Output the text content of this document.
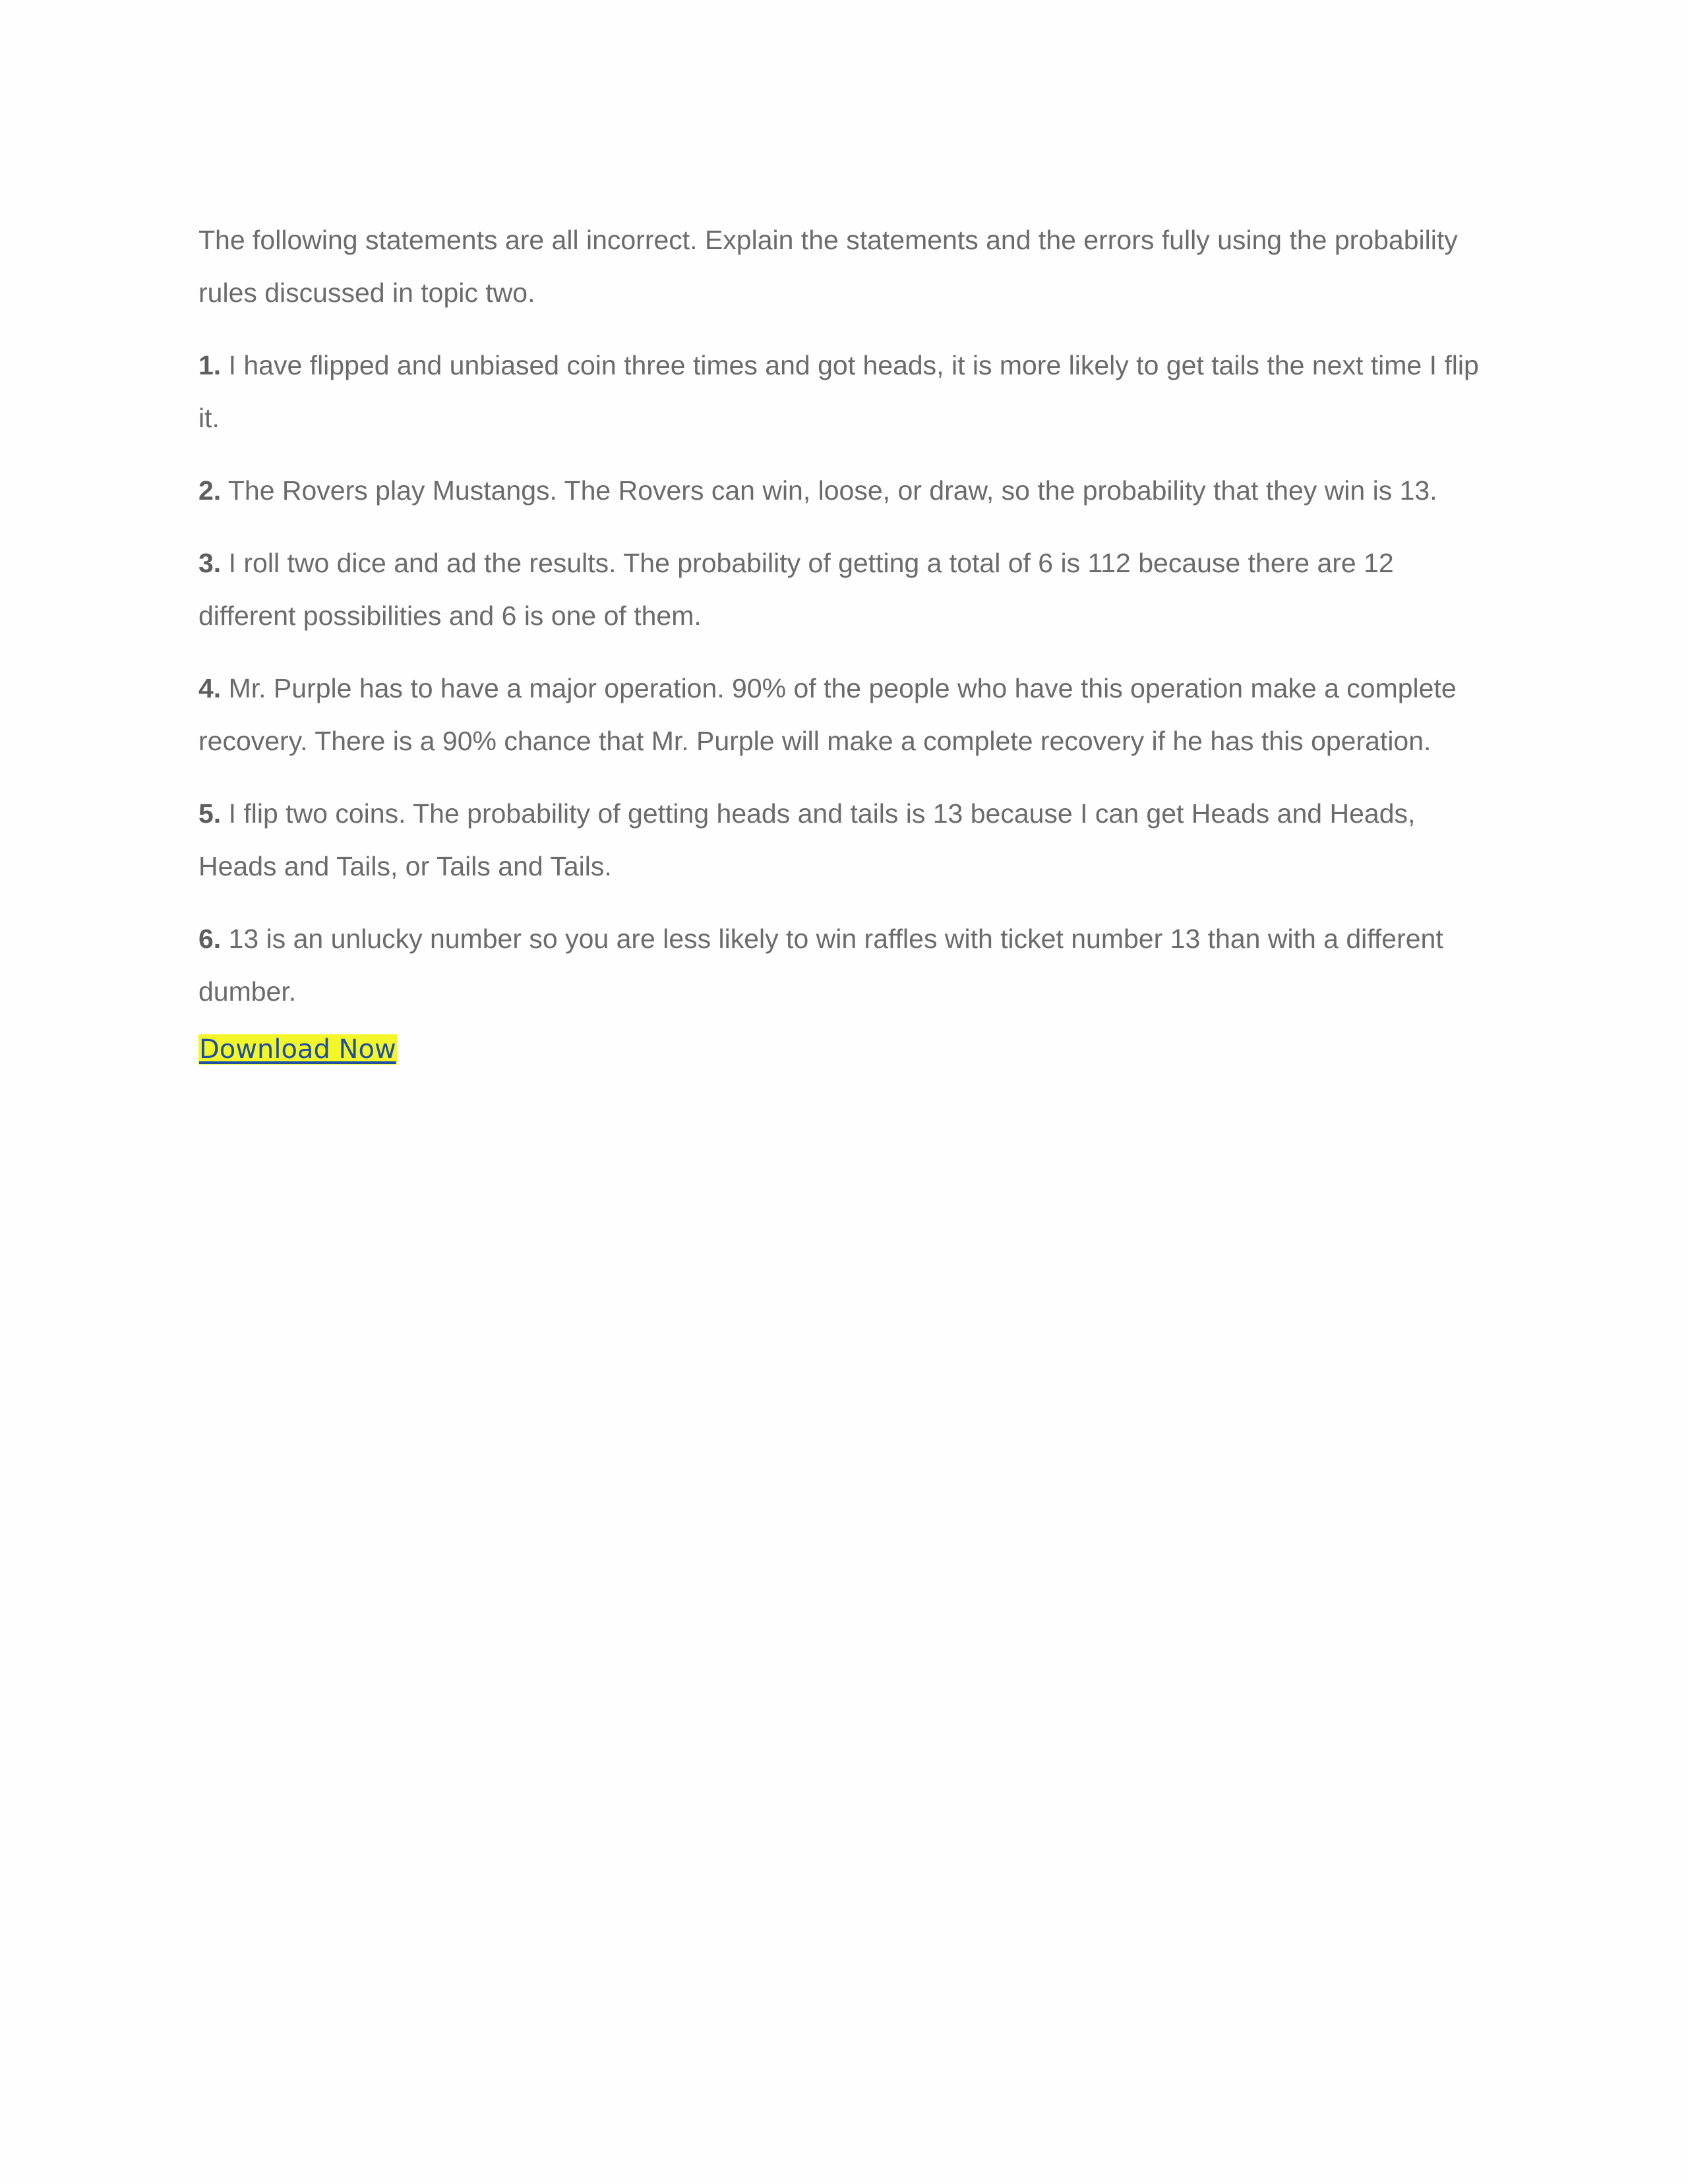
The following statements are all incorrect. Explain the statements and the errors fully using the probability rules discussed in topic two.

1. I have flipped and unbiased coin three times and got heads, it is more likely to get tails the next time I flip it.

2. The Rovers play Mustangs. The Rovers can win, loose, or draw, so the probability that they win is 13.

3. I roll two dice and ad the results. The probability of getting a total of 6 is 112 because there are 12 different possibilities and 6 is one of them.

4. Mr. Purple has to have a major operation. 90% of the people who have this operation make a complete recovery. There is a 90% chance that Mr. Purple will make a complete recovery if he has this operation.

5. I flip two coins. The probability of getting heads and tails is 13 because I can get Heads and Heads, Heads and Tails, or Tails and Tails.

6. 13 is an unlucky number so you are less likely to win raffles with ticket number 13 than with a different dumber.

Download Now
